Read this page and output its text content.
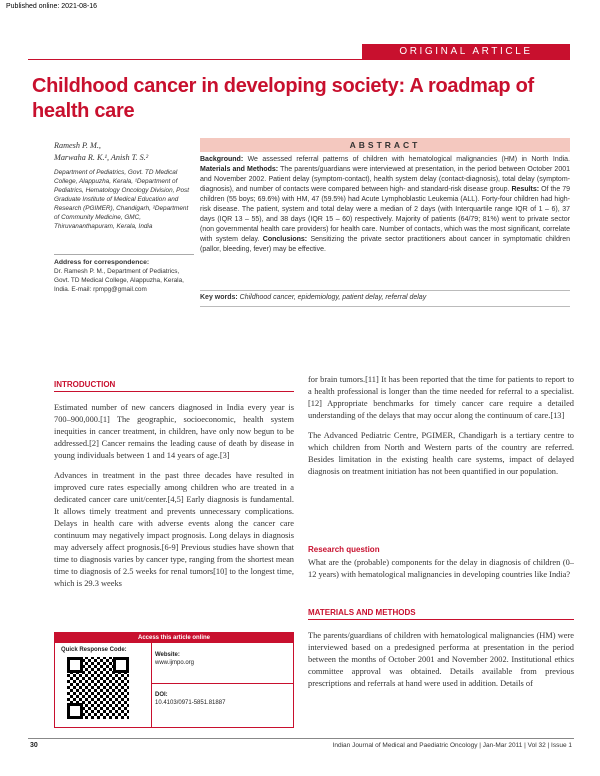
Published online: 2021-08-16
ORIGINAL ARTICLE
Childhood cancer in developing society: A roadmap of health care
Ramesh P. M.,
Marwaha R. K.¹, Anish T. S.²
Department of Pediatrics, Govt. TD Medical College, Alappuzha, Kerala, ¹Department of Pediatrics, Hematology Oncology Division, Post Graduate Institute of Medical Education and Research (PGIMER), Chandigarh, ²Department of Community Medicine, GMC, Thiruvananthapuram, Kerala, India
Address for correspondence:
Dr. Ramesh P. M., Department of Pediatrics, Govt. TD Medical College, Alappuzha, Kerala, India. E-mail: rpmpg@gmail.com
ABSTRACT
Background: We assessed referral patterns of children with hematological malignancies (HM) in North India. Materials and Methods: The parents/guardians were interviewed at presentation, in the period between October 2001 and November 2002. Patient delay (symptom-contact), health system delay (contact-diagnosis), total delay (symptom-diagnosis), and number of contacts were compared between high- and standard-risk disease group. Results: Of the 79 children (55 boys; 69.6%) with HM, 47 (59.5%) had Acute Lymphoblastic Leukemia (ALL). Forty-four children had high-risk disease. The patient, system and total delay were a median of 2 days (with Interquartile range IQR of 1 – 6), 37 days (IQR 13 – 55), and 38 days (IQR 15 – 60) respectively. Majority of patients (64/79; 81%) went to private sector (non governmental health care providers) for health care. Number of contacts, which was the most significant, correlate with system delay. Conclusions: Sensitizing the private sector practitioners about cancer in symptomatic children (pallor, bleeding, fever) may be effective.
Key words: Childhood cancer, epidemiology, patient delay, referral delay
INTRODUCTION

Estimated number of new cancers diagnosed in India every year is 700–900,000.[1] The geographic, socioeconomic, health system inequities in cancer treatment, in children, have only now begun to be addressed.[2] Cancer remains the leading cause of death by disease in young individuals between 1 and 14 years of age.[3]

Advances in treatment in the past three decades have resulted in improved cure rates especially among children who are treated in a dedicated cancer care unit/center.[4,5] Early diagnosis is fundamental. It allows timely treatment and prevents unnecessary complications. Delays in health care with adverse events along the cancer care continuum may negatively impact prognosis. Long delays in diagnosis may adversely affect prognosis.[6-9] Previous studies have shown that time to diagnosis varies by cancer type, ranging from the shortest mean time to diagnosis of 2.5 weeks for renal tumors[10] to the longest time, which is 29.3 weeks

for brain tumors.[11] It has been reported that the time for patients to report to a health professional is longer than the time needed for referral to a specialist.[12] Appropriate benchmarks for timely cancer care require a detailed understanding of the delays that may occur along the continuum of care.[13]

The Advanced Pediatric Centre, PGIMER, Chandigarh is a tertiary centre to which children from North and Western parts of the country are referred. Besides limitation in the existing health care systems, impact of delayed diagnosis on treatment initiation has not been quantified in our population.

Research question
What are the (probable) components for the delay in diagnosis of children (0–12 years) with hematological malignancies in developing countries like India?
MATERIALS AND METHODS
The parents/guardians of children with hematological malignancies (HM) were interviewed based on a predesigned performa at presentation in the period between the months of October 2001 and November 2002. Institutional ethics committee approval was obtained. Details available from previous prescriptions and referrals at hand were used in addition. Details of
Access this article online
Quick Response Code:
Website:
www.ijmpo.org
DOI:
10.4103/0971-5851.81887
30	Indian Journal of Medical and Paediatric Oncology | Jan-Mar 2011 | Vol 32 | Issue 1
